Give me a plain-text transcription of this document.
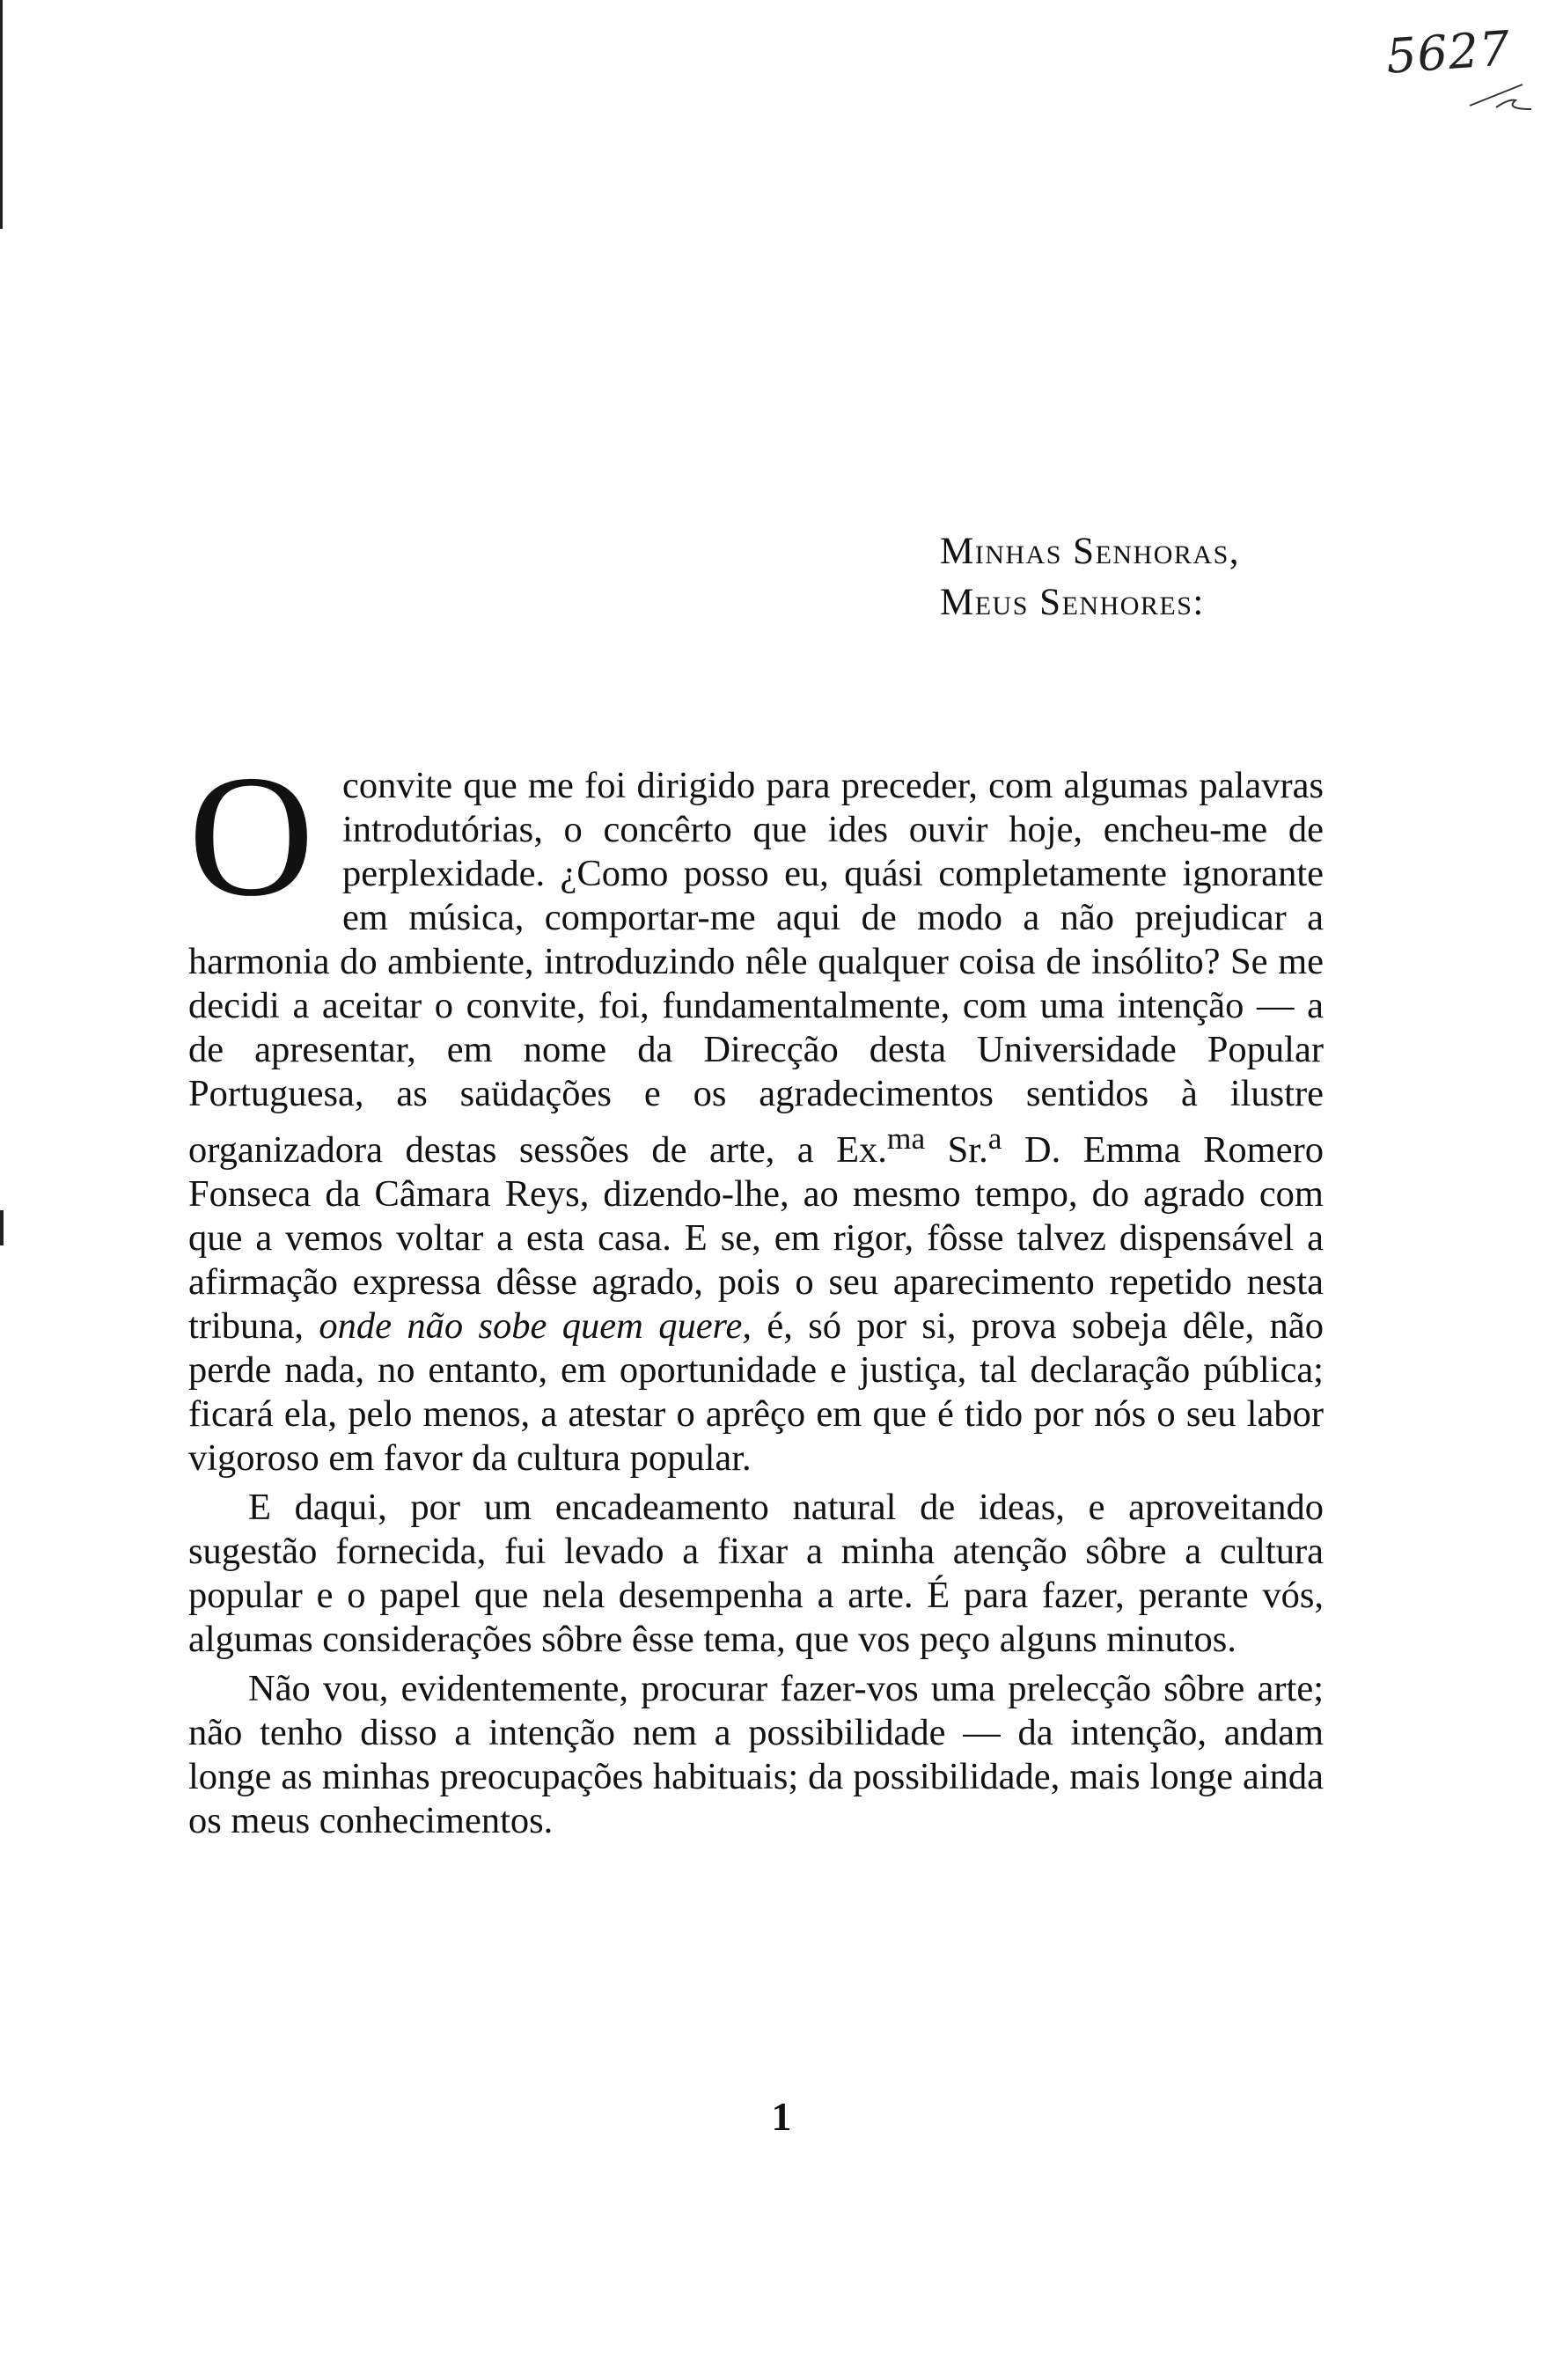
5627
Minhas Senhoras,
Meus Senhores:

O convite que me foi dirigido para preceder, com algumas palavras introdutórias, o concêrto que ides ouvir hoje, encheu-me de perplexidade. ¿Como posso eu, quási completamente ignorante em música, comportar-me aqui de modo a não prejudicar a harmonia do ambiente, introduzindo nêle qualquer coisa de insólito? Se me decidi a aceitar o convite, foi, fundamentalmente, com uma intenção — a de apresentar, em nome da Direcção desta Universidade Popular Portuguesa, as saüdações e os agradecimentos sentidos à ilustre organizadora destas sessões de arte, a Ex.$^{ma}$ Sr.$^a$ D. Emma Romero Fonseca da Câmara Reys, dizendo-lhe, ao mesmo tempo, do agrado com que a vemos voltar a esta casa. E se, em rigor, fôsse talvez dispensável a afirmação expressa dêsse agrado, pois o seu aparecimento repetido nesta tribuna, onde não sobe quem quere, é, só por si, prova sobeja dêle, não perde nada, no entanto, em oportunidade e justiça, tal declaração pública; ficará ela, pelo menos, a atestar o aprêço em que é tido por nós o seu labor vigoroso em favor da cultura popular.

E daqui, por um encadeamento natural de ideas, e aproveitando sugestão fornecida, fui levado a fixar a minha atenção sôbre a cultura popular e o papel que nela desempenha a arte. É para fazer, perante vós, algumas considerações sôbre êsse tema, que vos peço alguns minutos.

Não vou, evidentemente, procurar fazer-vos uma prelecção sôbre arte; não tenho disso a intenção nem a possibilidade — da intenção, andam longe as minhas preocupações habituais; da possibilidade, mais longe ainda os meus conhecimentos.

1
